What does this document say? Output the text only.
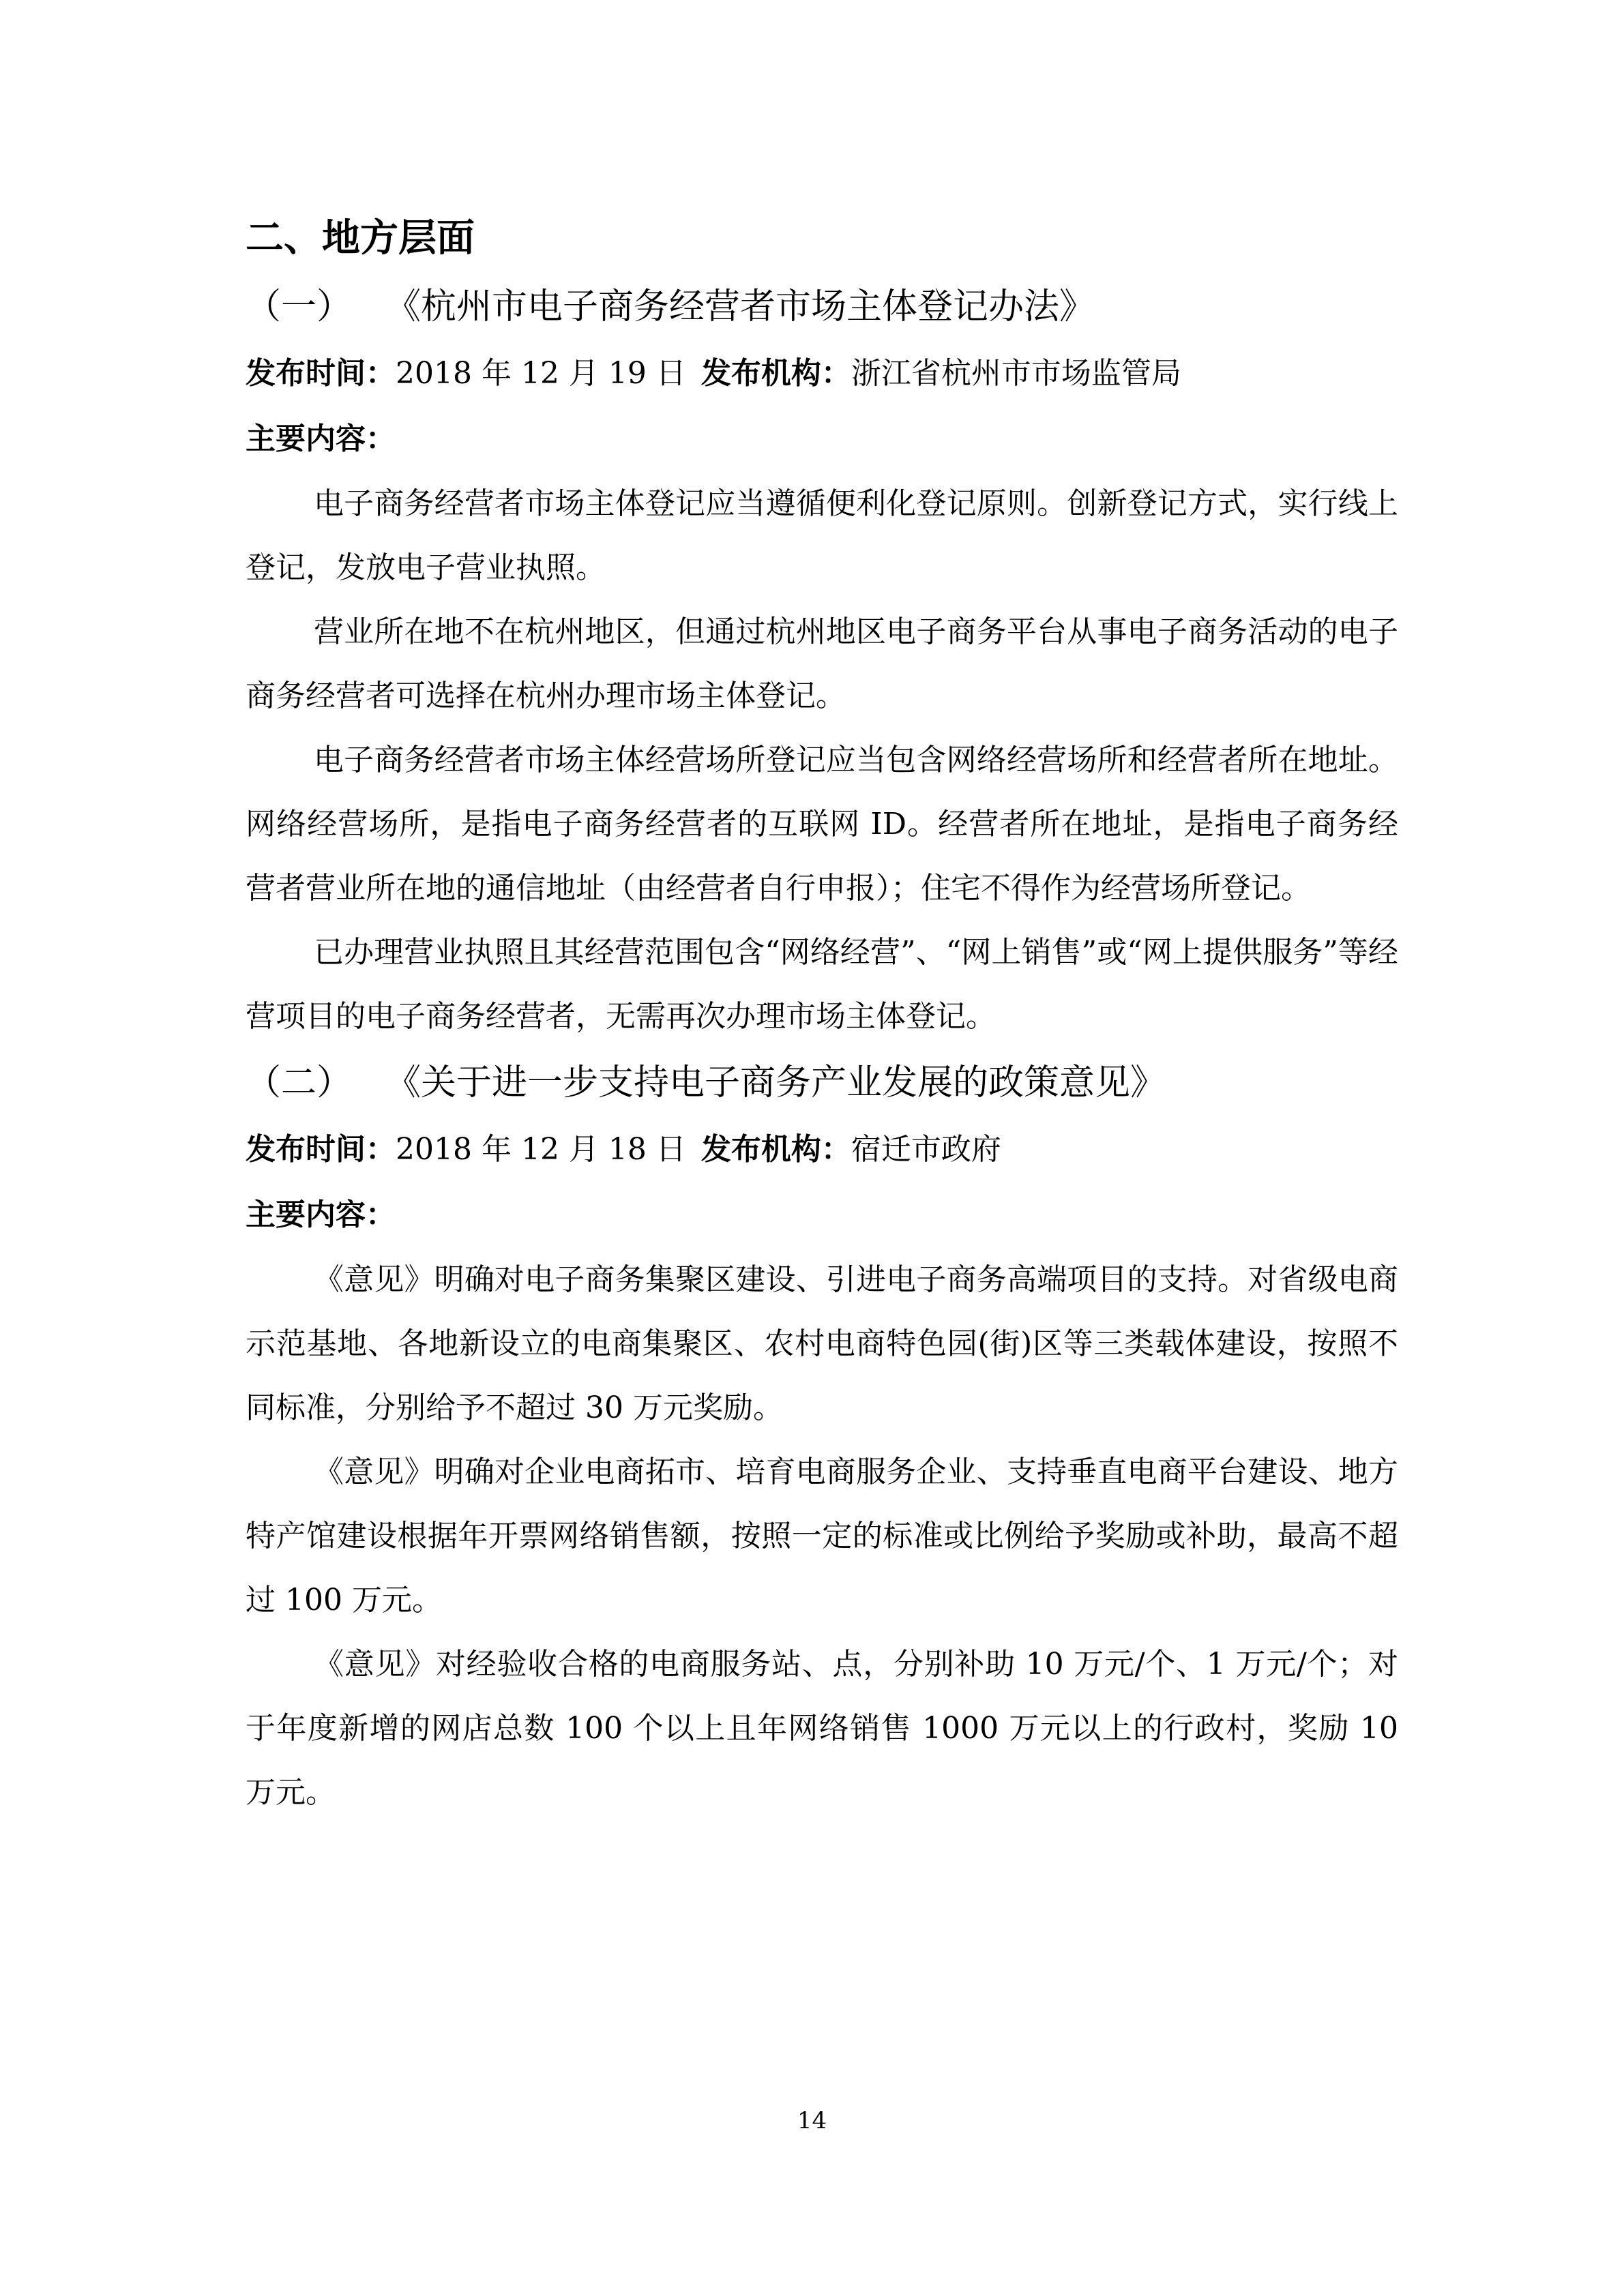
二、地方层面

（一） 《杭州市电子商务经营者市场主体登记办法》

发布时间：2018 年 12 月 19 日 发布机构：浙江省杭州市市场监管局

主要内容：

电子商务经营者市场主体登记应当遵循便利化登记原则。创新登记方式，实行线上登记，发放电子营业执照。

营业所在地不在杭州地区，但通过杭州地区电子商务平台从事电子商务活动的电子商务经营者可选择在杭州办理市场主体登记。

电子商务经营者市场主体经营场所登记应当包含网络经营场所和经营者所在地址。网络经营场所，是指电子商务经营者的互联网 ID。经营者所在地址，是指电子商务经营者营业所在地的通信地址（由经营者自行申报）；住宅不得作为经营场所登记。

已办理营业执照且其经营范围包含“网络经营”、“网上销售”或“网上提供服务”等经营项目的电子商务经营者，无需再次办理市场主体登记。

（二） 《关于进一步支持电子商务产业发展的政策意见》

发布时间：2018 年 12 月 18 日 发布机构：宿迁市政府

主要内容：

《意见》明确对电子商务集聚区建设、引进电子商务高端项目的支持。对省级电商示范基地、各地新设立的电商集聚区、农村电商特色园(街)区等三类载体建设，按照不同标准，分别给予不超过 30 万元奖励。

《意见》明确对企业电商拓市、培育电商服务企业、支持垂直电商平台建设、地方特产馆建设根据年开票网络销售额，按照一定的标准或比例给予奖励或补助，最高不超过 100 万元。

《意见》对经验收合格的电商服务站、点，分别补助 10 万元/个、1 万元/个；对于年度新增的网店总数 100 个以上且年网络销售 1000 万元以上的行政村，奖励 10 万元。

14
